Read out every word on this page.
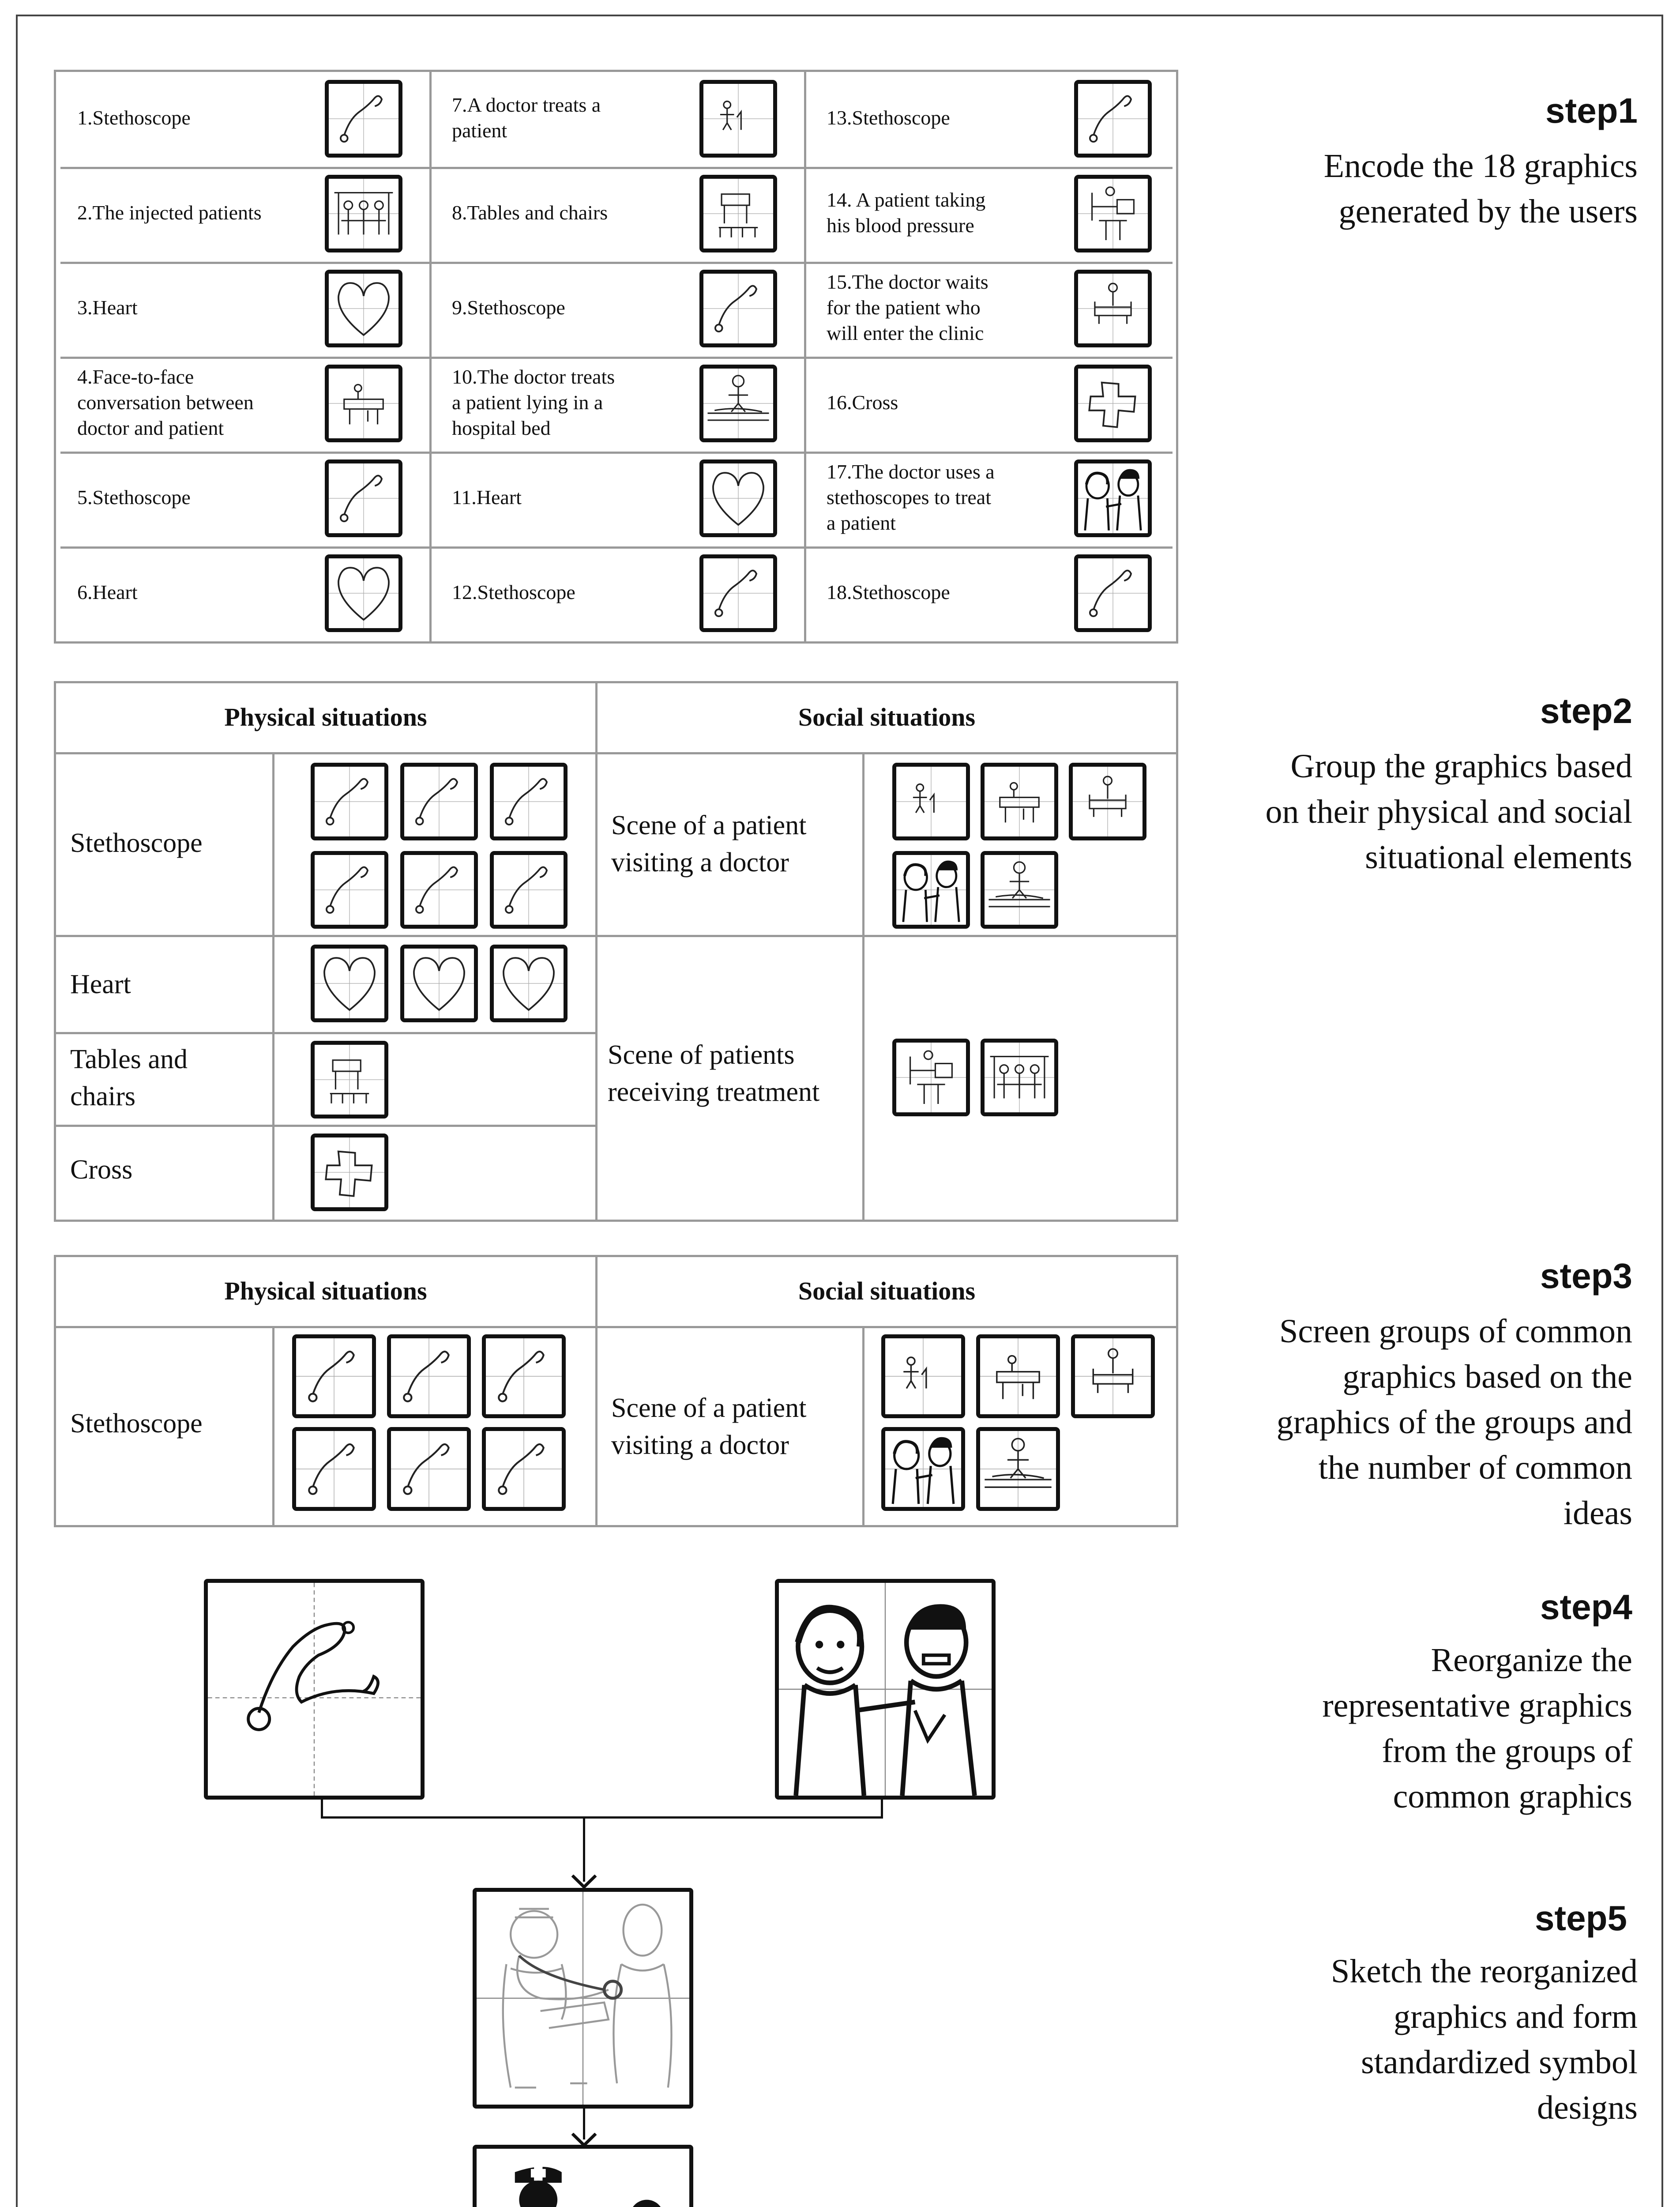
step1
Encode the 18 graphics
generated by the users
step2
Group the graphics based
on their physical and social
situational elements
step3
Screen groups of common
graphics based on the
graphics of the groups and
the number of common
ideas
step4
Reorganize the
representative graphics
from the groups of
common graphics
step5
Sketch the reorganized
graphics and form
standardized symbol
designs
1.Stethoscope
2.The injected patients
3.Heart
4.Face-to-face
conversation between
doctor and patient
5.Stethoscope
6.Heart
7.A doctor treats a
patient
8.Tables and chairs
9.Stethoscope
10.The doctor treats
a patient lying in a
hospital bed
11.Heart
12.Stethoscope
13.Stethoscope
14. A patient taking
his blood pressure
15.The doctor waits
for the patient who
will enter the clinic
16.Cross
17.The doctor uses a
stethoscopes to treat
a patient
18.Stethoscope
Physical situations	Social situations
Stethoscope
Heart
Tables and
chairs
Cross
Scene of a patient
visiting a doctor
Scene of patients
receiving treatment
Physical situations	Social situations
Stethoscope
Scene of a patient
visiting a doctor
